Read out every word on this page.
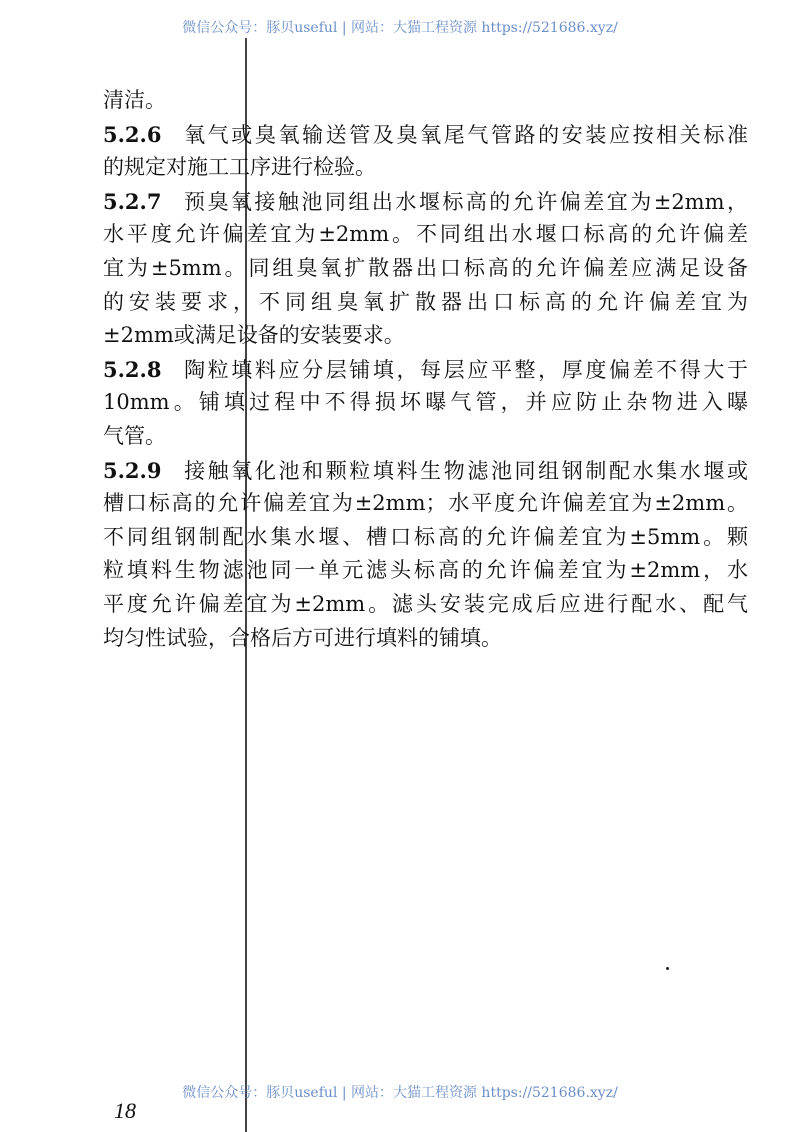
微信公众号：豚贝useful | 网站：大猫工程资源 https://521686.xyz/
清洁。
5.2.6 氧气或臭氧输送管及臭氧尾气管路的安装应按相关标准
的规定对施工工序进行检验。
5.2.7 预臭氧接触池同组出水堰标高的允许偏差宜为±2mm，
水平度允许偏差宜为±2mm。不同组出水堰口标高的允许偏差
宜为±5mm。同组臭氧扩散器出口标高的允许偏差应满足设备
的安装要求，不同组臭氧扩散器出口标高的允许偏差宜为
±2mm或满足设备的安装要求。
5.2.8 陶粒填料应分层铺填，每层应平整，厚度偏差不得大于
10mm。铺填过程中不得损坏曝气管，并应防止杂物进入曝
气管。
5.2.9 接触氧化池和颗粒填料生物滤池同组钢制配水集水堰或
槽口标高的允许偏差宜为±2mm；水平度允许偏差宜为±2mm。
不同组钢制配水集水堰、槽口标高的允许偏差宜为±5mm。颗
粒填料生物滤池同一单元滤头标高的允许偏差宜为±2mm，水
平度允许偏差宜为±2mm。滤头安装完成后应进行配水、配气
均匀性试验，合格后方可进行填料的铺填。
微信公众号：豚贝useful | 网站：大猫工程资源 https://521686.xyz/
18
